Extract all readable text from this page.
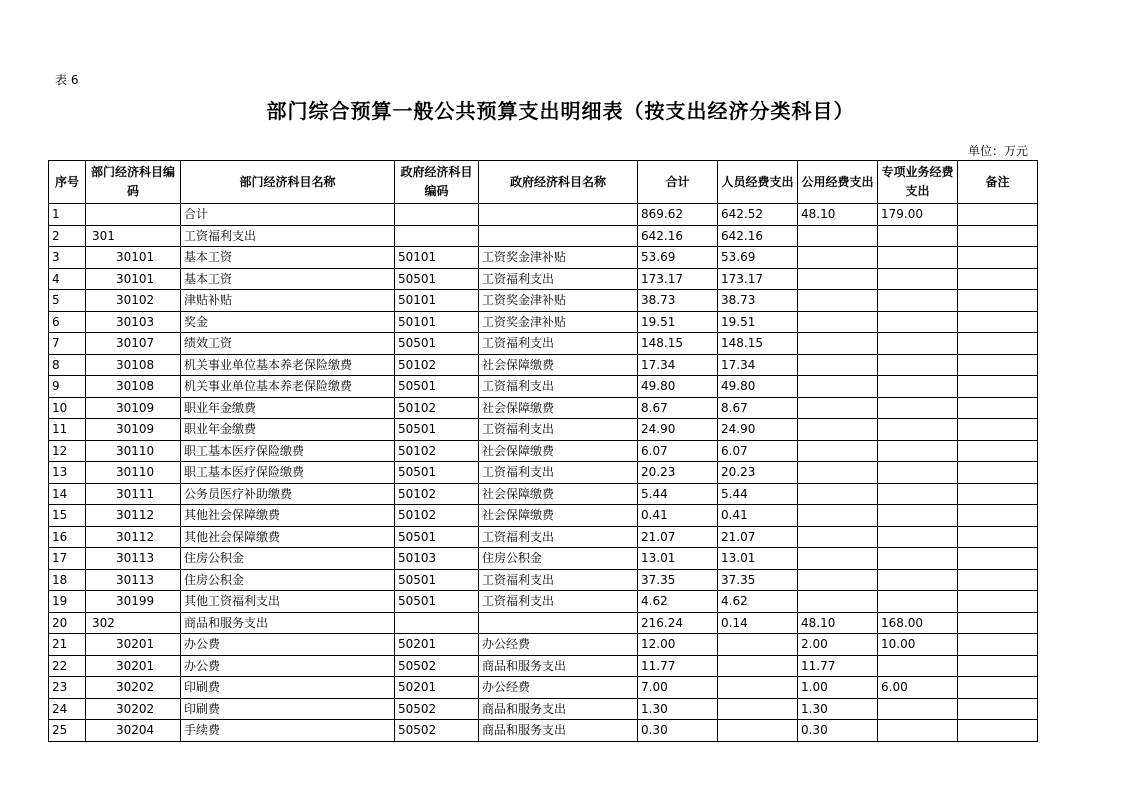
表 6
部门综合预算一般公共预算支出明细表（按支出经济分类科目）
单位：万元
序号	部门经济科目编码	部门经济科目名称	政府经济科目编码	政府经济科目名称	合计	人员经费支出	公用经费支出	专项业务经费支出	备注
1		合计			869.62	642.52	48.10	179.00	
2	301	工资福利支出			642.16	642.16			
3	30101	基本工资	50101	工资奖金津补贴	53.69	53.69			
4	30101	基本工资	50501	工资福利支出	173.17	173.17			
5	30102	津贴补贴	50101	工资奖金津补贴	38.73	38.73			
6	30103	奖金	50101	工资奖金津补贴	19.51	19.51			
7	30107	绩效工资	50501	工资福利支出	148.15	148.15			
8	30108	机关事业单位基本养老保险缴费	50102	社会保障缴费	17.34	17.34			
9	30108	机关事业单位基本养老保险缴费	50501	工资福利支出	49.80	49.80			
10	30109	职业年金缴费	50102	社会保障缴费	8.67	8.67			
11	30109	职业年金缴费	50501	工资福利支出	24.90	24.90			
12	30110	职工基本医疗保险缴费	50102	社会保障缴费	6.07	6.07			
13	30110	职工基本医疗保险缴费	50501	工资福利支出	20.23	20.23			
14	30111	公务员医疗补助缴费	50102	社会保障缴费	5.44	5.44			
15	30112	其他社会保障缴费	50102	社会保障缴费	0.41	0.41			
16	30112	其他社会保障缴费	50501	工资福利支出	21.07	21.07			
17	30113	住房公积金	50103	住房公积金	13.01	13.01			
18	30113	住房公积金	50501	工资福利支出	37.35	37.35			
19	30199	其他工资福利支出	50501	工资福利支出	4.62	4.62			
20	302	商品和服务支出			216.24	0.14	48.10	168.00	
21	30201	办公费	50201	办公经费	12.00		2.00	10.00	
22	30201	办公费	50502	商品和服务支出	11.77		11.77		
23	30202	印刷费	50201	办公经费	7.00		1.00	6.00	
24	30202	印刷费	50502	商品和服务支出	1.30		1.30		
25	30204	手续费	50502	商品和服务支出	0.30		0.30		
